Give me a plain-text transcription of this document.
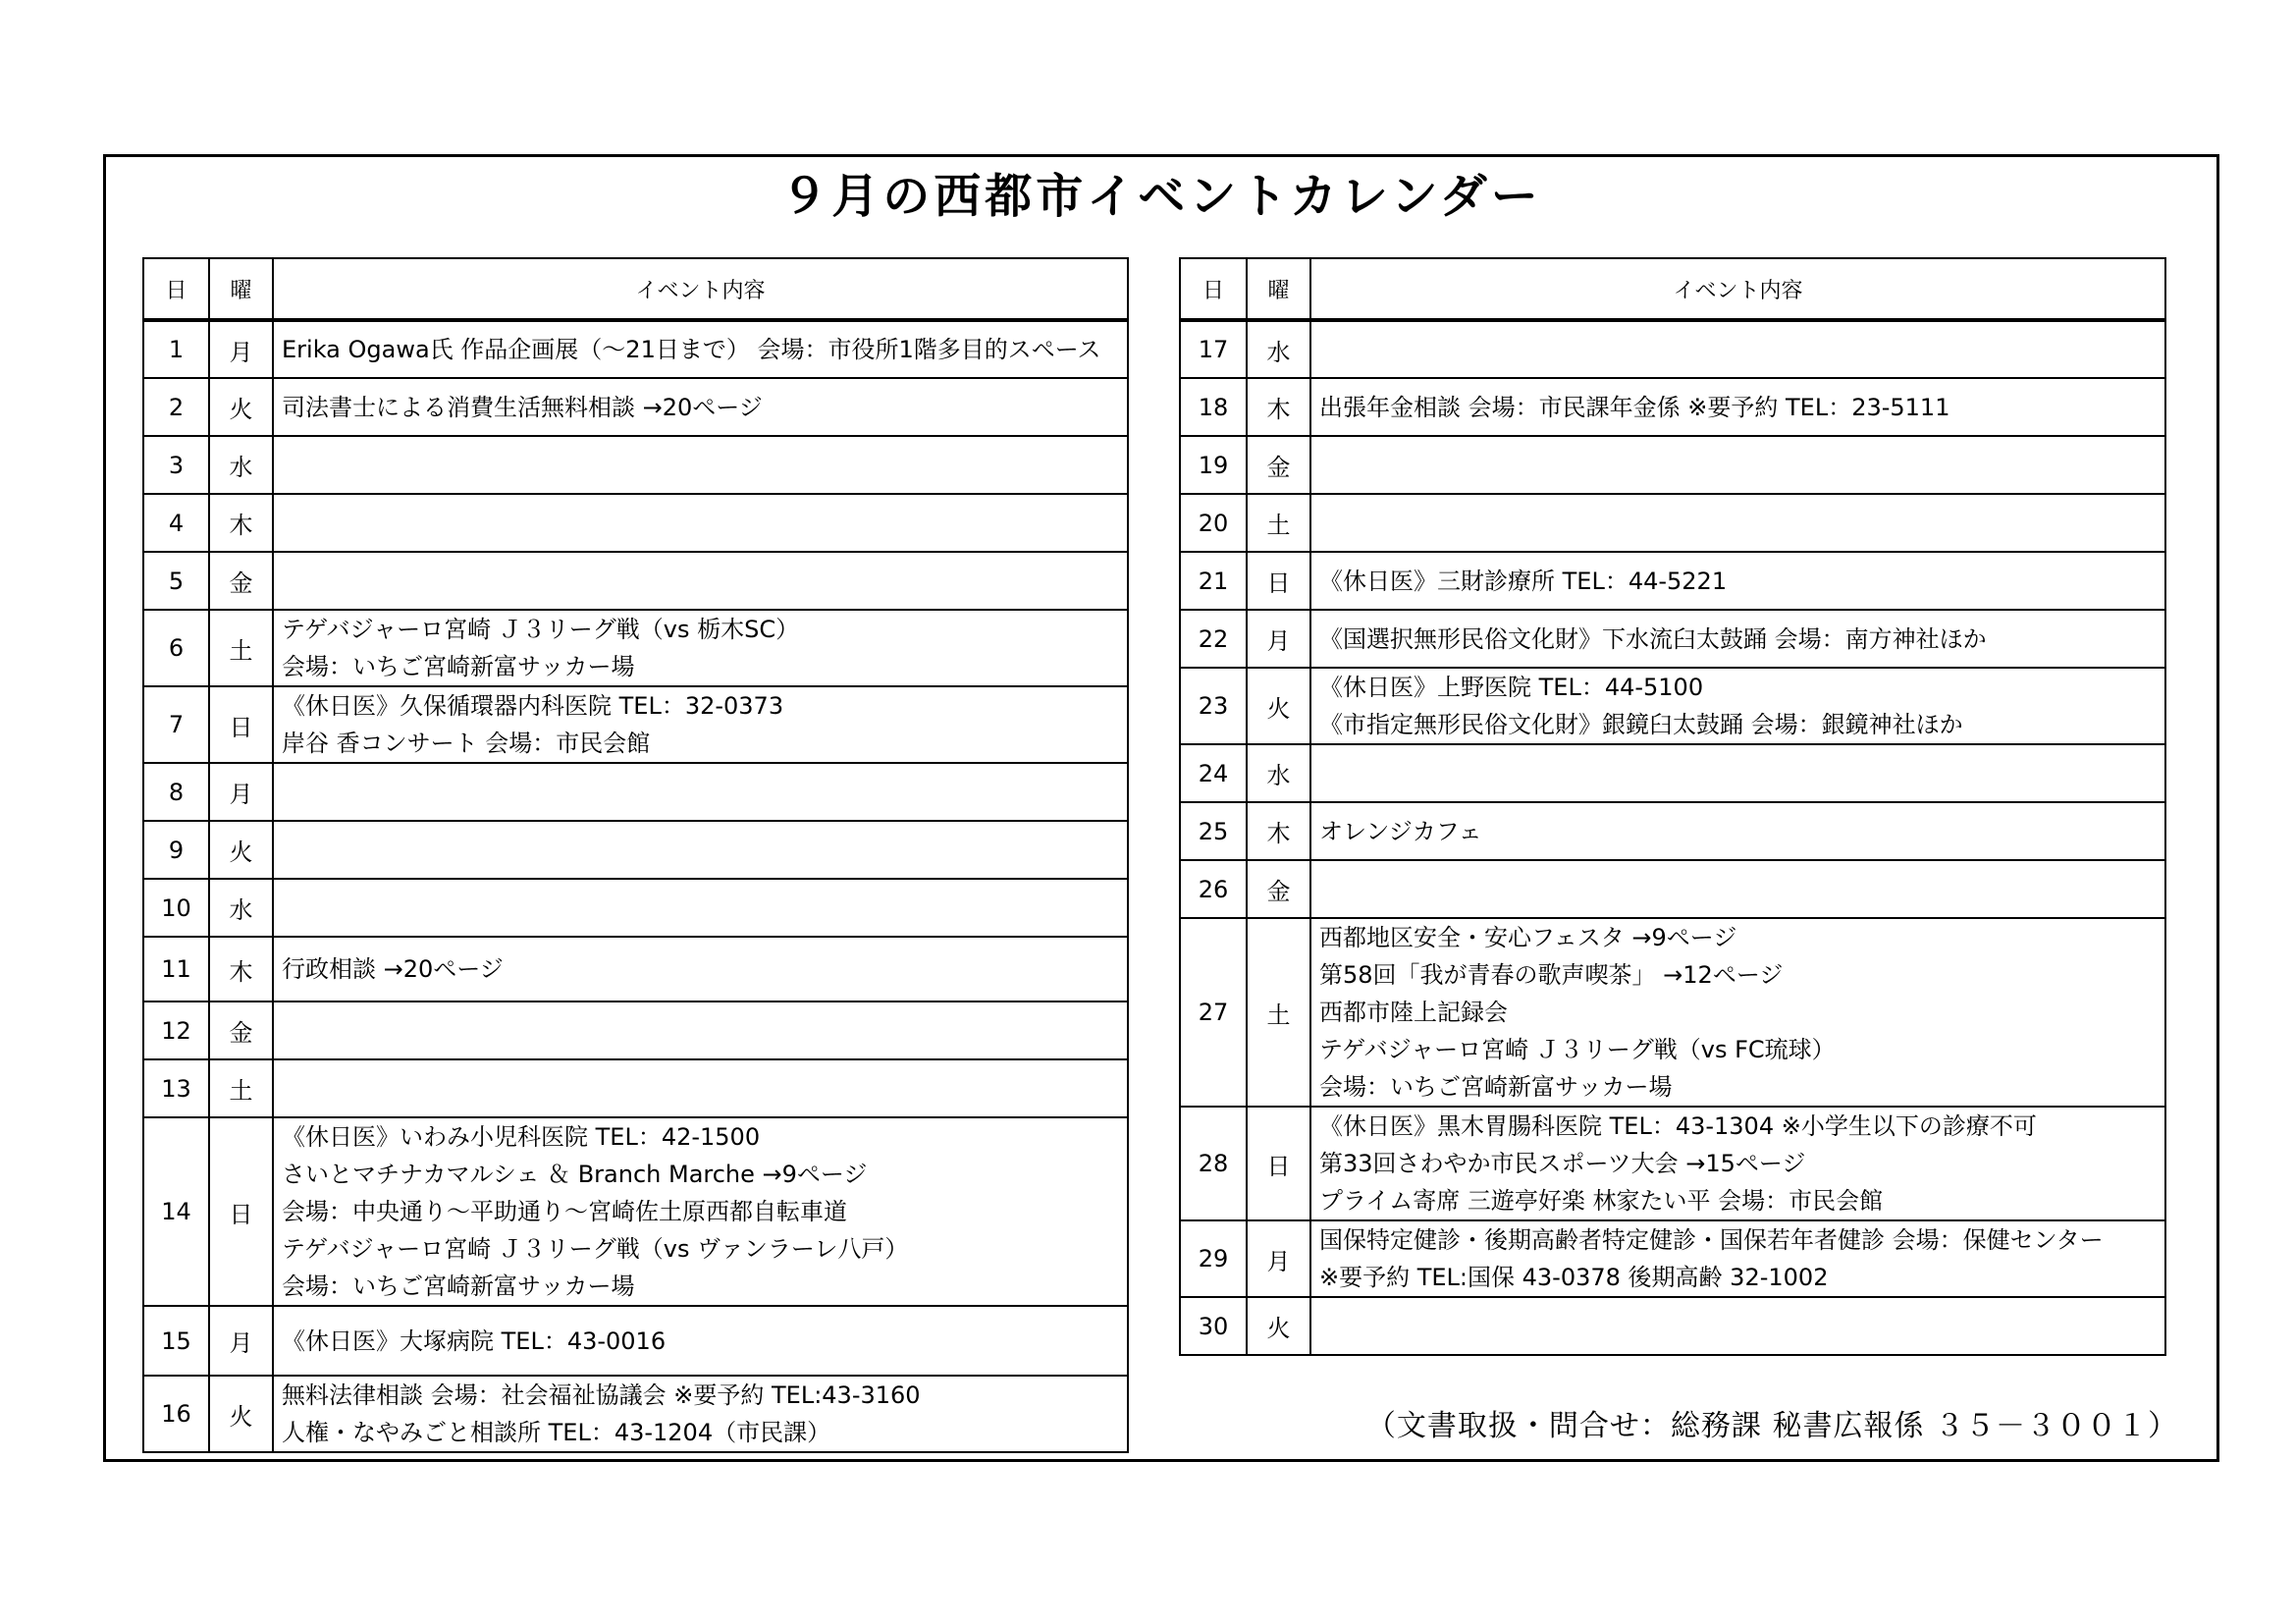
９月の西都市イベントカレンダー
日	曜	イベント内容
1	月	Erika Ogawa氏 作品企画展（～21日まで） 会場：市役所1階多目的スペース

2	火	司法書士による消費生活無料相談 →20ページ

3	水	
4	木	
5	金	
6	土	テゲバジャーロ宮崎 Ｊ３リーグ戦（vs 栃木SC）
会場：いちご宮崎新富サッカー場

7	日	《休日医》久保循環器内科医院 TEL：32-0373
岸谷 香コンサート 会場：市民会館

8	月	
9	火	
10	水	
11	木	行政相談 →20ページ

12	金	
13	土	
14	日	《休日医》いわみ小児科医院 TEL：42-1500
さいとマチナカマルシェ ＆ Branch Marche →9ページ
会場：中央通り～平助通り～宮崎佐土原西都自転車道
テゲバジャーロ宮崎 Ｊ３リーグ戦（vs ヴァンラーレ八戸）
会場：いちご宮崎新富サッカー場

15	月	《休日医》大塚病院 TEL：43-0016

16	火	無料法律相談 会場：社会福祉協議会 ※要予約 TEL:43-3160
人権・なやみごと相談所 TEL：43-1204（市民課）
日	曜	イベント内容
17	水	
18	木	出張年金相談 会場：市民課年金係 ※要予約 TEL：23-5111

19	金	
20	土	
21	日	《休日医》三財診療所 TEL：44-5221

22	月	《国選択無形民俗文化財》下水流臼太鼓踊 会場：南方神社ほか

23	火	《休日医》上野医院 TEL：44-5100
《市指定無形民俗文化財》銀鏡臼太鼓踊 会場：銀鏡神社ほか

24	水	
25	木	オレンジカフェ

26	金	
27	土	西都地区安全・安心フェスタ →9ページ
第58回「我が青春の歌声喫茶」 →12ページ
西都市陸上記録会
テゲバジャーロ宮崎 Ｊ３リーグ戦（vs FC琉球）
会場：いちご宮崎新富サッカー場

28	日	《休日医》黒木胃腸科医院 TEL：43-1304 ※小学生以下の診療不可
第33回さわやか市民スポーツ大会 →15ページ
プライム寄席 三遊亭好楽 林家たい平 会場：市民会館

29	月	国保特定健診・後期高齢者特定健診・国保若年者健診 会場：保健センター
※要予約 TEL:国保 43-0378 後期高齢 32-1002

30	火	
（文書取扱・問合せ：総務課 秘書広報係 ３５－３００１）
